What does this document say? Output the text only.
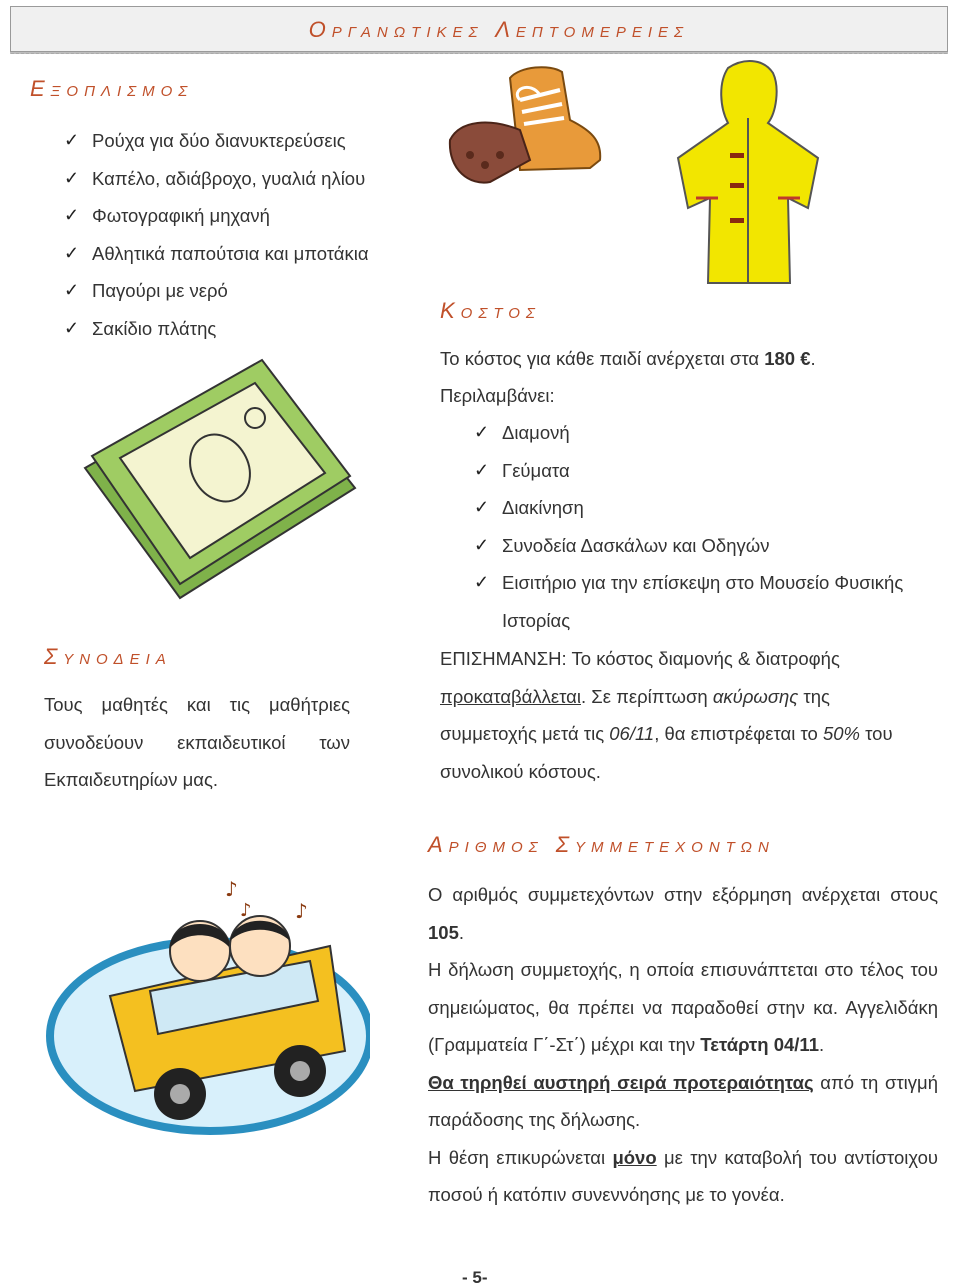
Οργανωτικες Λεπτομερειες
Εξοπλισμοσ
✓ Ρούχα για δύο διανυκτερεύσεις
✓ Καπέλο, αδιάβροχο, γυαλιά ηλίου
✓ Φωτογραφική μηχανή
✓ Αθλητικά παπούτσια και μποτάκια
✓ Παγούρι με νερό
✓ Σακίδιο πλάτης
Κοστοσ
Το κόστος για κάθε παιδί ανέρχεται στα 180 €.
Περιλαμβάνει:
✓ Διαμονή
✓ Γεύματα
✓ Διακίνηση
✓ Συνοδεία Δασκάλων και Οδηγών
✓ Εισιτήριο για την επίσκεψη στο Μουσείο Φυσικής
Ιστορίας
ΕΠΙΣΗΜΑΝΣΗ: Το κόστος διαμονής & διατροφής
προκαταβάλλεται. Σε περίπτωση ακύρωσης της
συμμετοχής μετά τις 06/11, θα επιστρέφεται το 50% του
συνολικού κόστους.
Συνοδεια
Τους μαθητές και τις μαθήτριες συνοδεύουν εκπαιδευτικοί των Εκπαιδευτηρίων μας.
Αριθμοσ Συμμετεχοντων
Ο αριθμός συμμετεχόντων στην εξόρμηση ανέρχεται στους 105.
Η δήλωση συμμετοχής, η οποία επισυνάπτεται στο τέλος του σημειώματος, θα πρέπει να παραδοθεί στην κα. Αγγελιδάκη (Γραμματεία Γ΄-Στ΄) μέχρι και την Τετάρτη 04/11.
Θα τηρηθεί αυστηρή σειρά προτεραιότητας από τη στιγμή παράδοσης της δήλωσης.
Η θέση επικυρώνεται μόνο με την καταβολή του αντίστοιχου ποσού ή κατόπιν συνεννόησης με το γονέα.
♪
♪ ♪
- 5-
